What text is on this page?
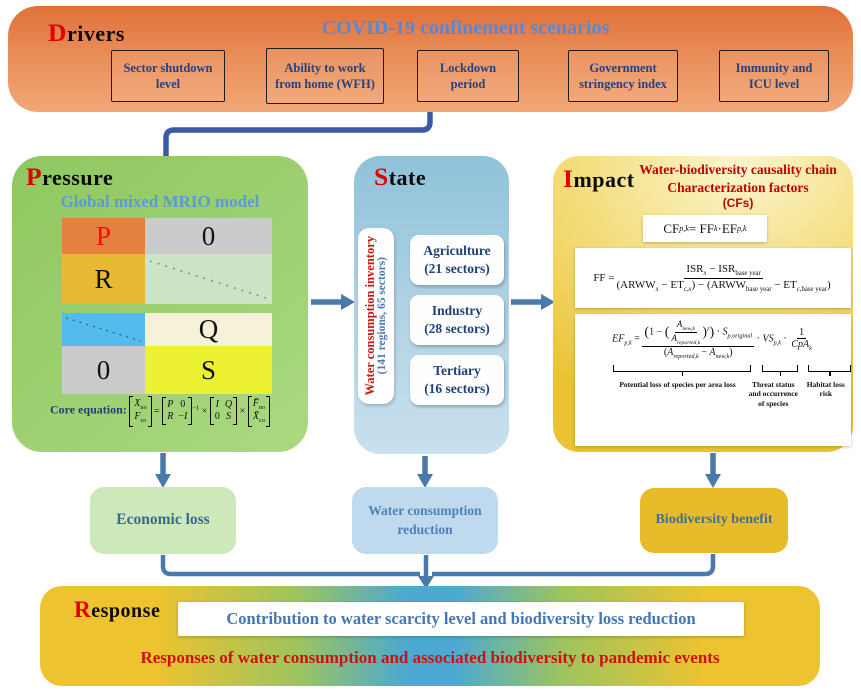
Drivers	COVID-19 confinement scenarios
Sector shutdown level
Ability to work from home (WFH)
Lockdown period
Government stringency index
Immunity and ICU level
Pressure
Global mixed MRIO model
P	0
R
Q
0	S
Core equation: $X_{no}$
$F_{co}$
=
P
R
0
−I
$^{-1}$ ×
I
0
Q
S
×
$F̄_{no}$
$X̄_{co}$
State
Water consumption inventory (141 regions, 65 sectors)
Agriculture
(21 sectors)
Industry
(28 sectors)
Tertiary
(16 sectors)
Impact Water-biodiversity causality chain
Characterization factors
(CFs)
CF p,k = FF k ·EF p,k
FF = $\frac{ISR_x - ISR_{base year}}{(ARWW_x - ET_{c,x}) - (ARWW_{base year} - ET_{c,base year})}$
$EF_{p,k} = \frac{(1 - ( \frac{A_{new,k}}{A_{reported,k}} )^z) \cdot S_{p,original}}{(A_{reported,k} - A_{new,k})} \cdot VS_{p,k} \cdot \frac{1}{CpA_k}$
Potential loss of species per area loss	Threat status and occurrence of species
Habitat loss risk
Economic loss
Water consumption reduction
Biodiversity benefit
Response	Contribution to water scarcity level and biodiversity loss reduction
Responses of water consumption and associated biodiversity to pandemic events
